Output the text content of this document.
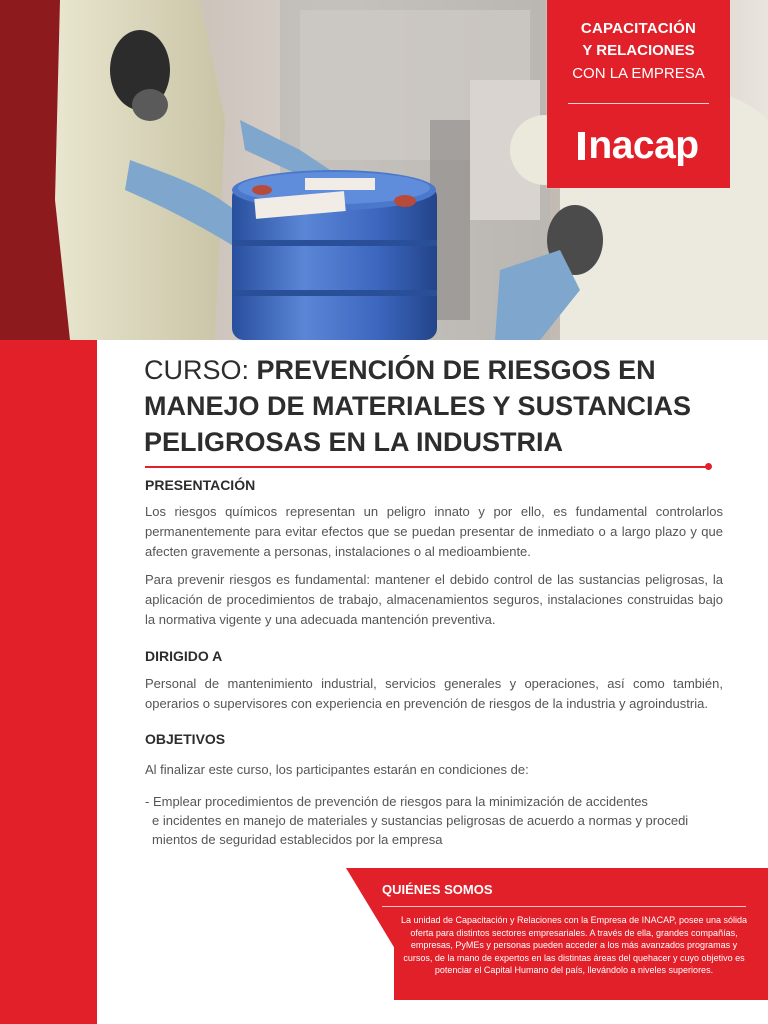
CAPACITACIÓN
Y RELACIONES
CON LA EMPRESA
nacap
CURSO: PREVENCIÓN DE RIESGOS EN MANEJO DE MATERIALES Y SUSTANCIAS PELIGROSAS EN LA INDUSTRIA
PRESENTACIÓN
Los riesgos químicos representan un peligro innato y por ello, es fundamental controlarlos permanentemente para evitar efectos que se puedan presentar de inmediato o a largo plazo y que afecten gravemente a personas, instalaciones o al medioambiente.
Para prevenir riesgos es fundamental: mantener el debido control de las sustancias peligrosas, la aplicación de procedimientos de trabajo, almacenamientos seguros, instalaciones construidas bajo la normativa vigente y una adecuada mantención preventiva.
DIRIGIDO A
Personal de mantenimiento industrial, servicios generales y operaciones, así como también, operarios o supervisores con experiencia en prevención de riesgos de la industria y agroindustria.
OBJETIVOS
Al finalizar este curso, los participantes estarán en condiciones de:
- Emplear procedimientos de prevención de riesgos para la minimización de accidentes
e incidentes en manejo de materiales y sustancias peligrosas de acuerdo a normas y procedi
mientos de seguridad establecidos por la empresa
QUIÉNES SOMOS
La unidad de Capacitación y Relaciones con la Empresa de INACAP, posee una sólida oferta para distintos sectores empresariales. A través de ella, grandes compañías, empresas, PyMEs y personas pueden acceder a los más avanzados programas y cursos, de la mano de expertos en las distintas áreas del quehacer y cuyo objetivo es potenciar el Capital Humano del país, llevándolo a niveles superiores.
